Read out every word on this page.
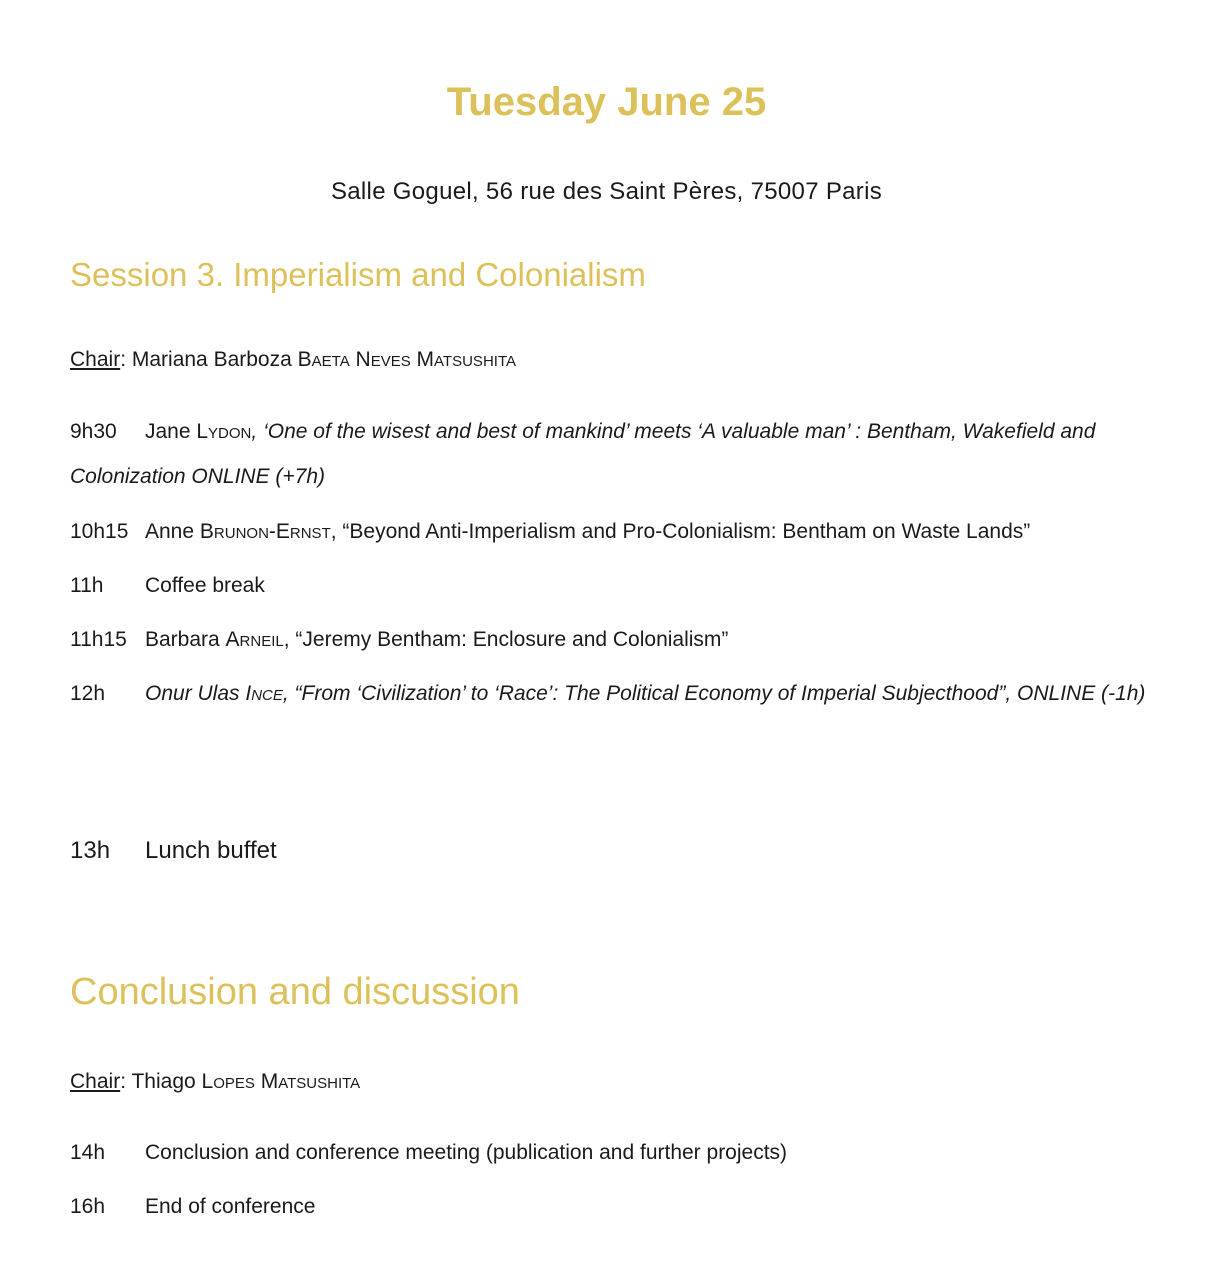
Tuesday June 25
Salle Goguel, 56 rue des Saint Pères, 75007 Paris
Session 3. Imperialism and Colonialism
Chair: Mariana Barboza Baeta Neves Matsushita
9h30 Jane Lydon, ‘One of the wisest and best of mankind’ meets ‘A valuable man’ : Bentham, Wakefield and Colonization ONLINE (+7h)
10h15 Anne Brunon-Ernst, “Beyond Anti-Imperialism and Pro-Colonialism: Bentham on Waste Lands”
11h Coffee break
11h15 Barbara Arneil, “Jeremy Bentham: Enclosure and Colonialism”
12h Onur Ulas Ince, “From ‘Civilization’ to ‘Race’: The Political Economy of Imperial Subjecthood”, ONLINE (-1h)
13h Lunch buffet
Conclusion and discussion
Chair: Thiago Lopes Matsushita
14h Conclusion and conference meeting (publication and further projects)
16h End of conference
